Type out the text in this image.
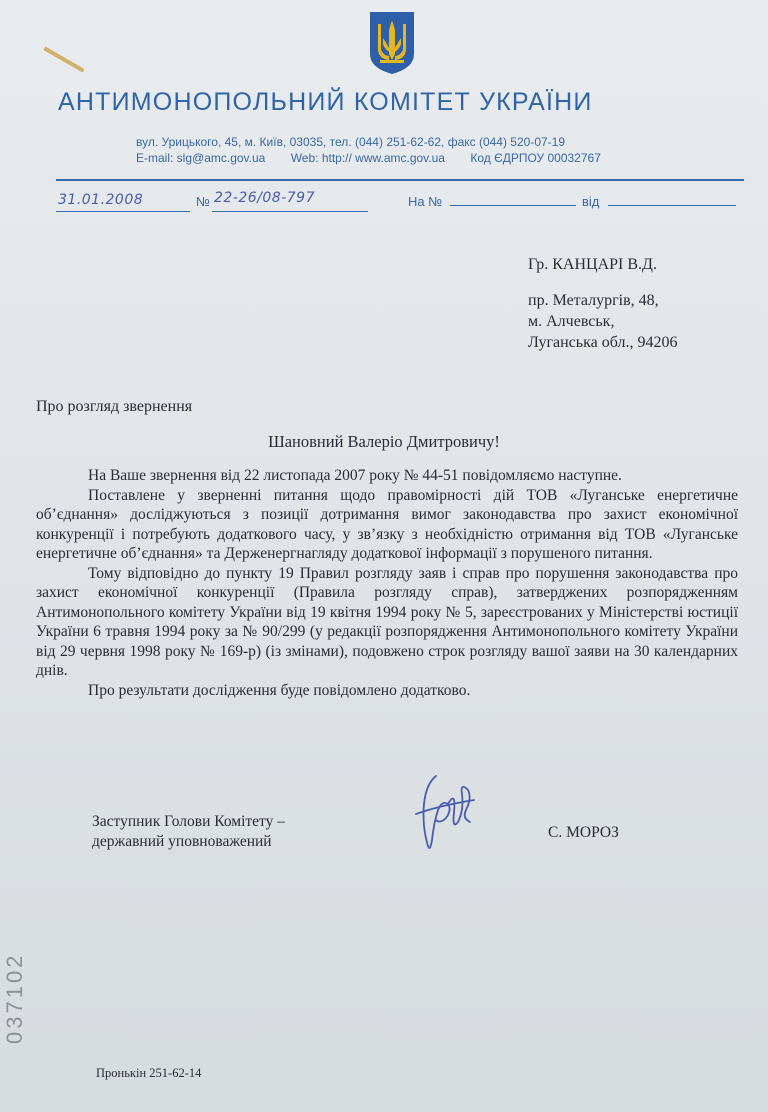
АНТИМОНОПОЛЬНИЙ КОМІТЕТ УКРАЇНИ
вул. Урицького, 45, м. Київ, 03035, тел. (044) 251-62-62, факс (044) 520-07-19
E-mail: slg@amc.gov.ua Web: http:// www.amc.gov.ua Код ЄДРПОУ 00032767
31.01.2008	№ 22-26/08-797	На №	від
Гр. КАНЦАРІ В.Д.
пр. Металургів, 48,
м. Алчевськ,
Луганська обл., 94206
Про розгляд звернення
Шановний Валеріо Дмитровичу!

На Ваше звернення від 22 листопада 2007 року № 44-51 повідомляємо наступне.

Поставлене у зверненні питання щодо правомірності дій ТОВ «Луганське енергетичне об’єднання» досліджуються з позиції дотримання вимог законодавства про захист економічної конкуренції і потребують додаткового часу, у зв’язку з необхідністю отримання від ТОВ «Луганське енергетичне об’єднання» та Держенергнагляду додаткової інформації з порушеного питання.

Тому відповідно до пункту 19 Правил розгляду заяв і справ про порушення законодавства про захист економічної конкуренції (Правила розгляду справ), затверджених розпорядженням Антимонопольного комітету України від 19 квітня 1994 року № 5, зареєстрованих у Міністерстві юстиції України 6 травня 1994 року за № 90/299 (у редакції розпорядження Антимонопольного комітету України від 29 червня 1998 року № 169-р) (із змінами), подовжено строк розгляду вашої заяви на 30 календарних днів.

Про результати дослідження буде повідомлено додатково.

Заступник Голови Комітету –
державний уповноважений
С. МОРОЗ
037102
Пронькін 251-62-14
